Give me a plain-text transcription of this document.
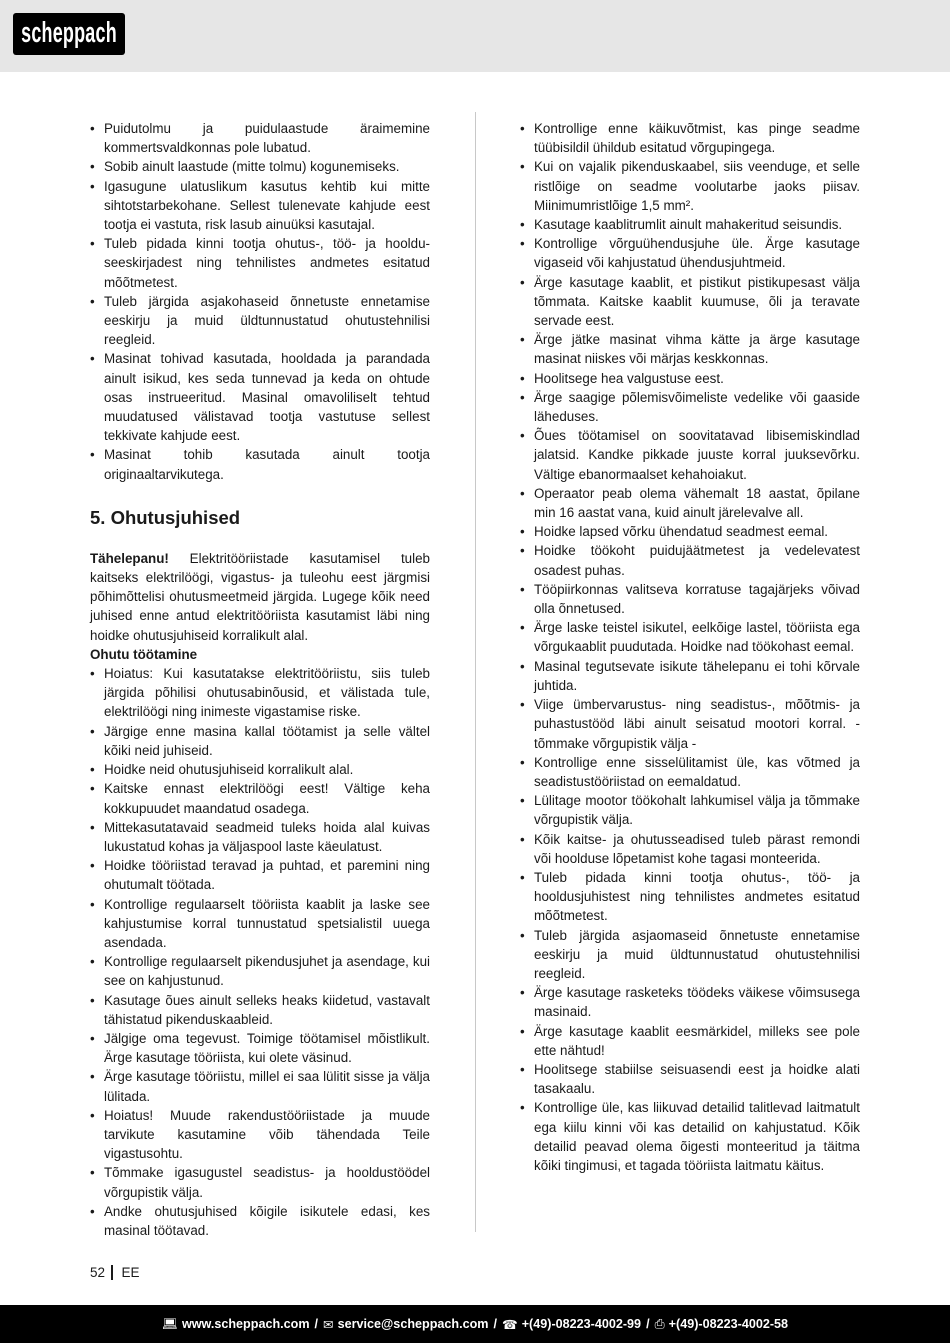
scheppach
• Puidutolmu ja puidulaastude äraimemine kommertsvaldkonnas pole lubatud.
• Sobib ainult laastude (mitte tolmu) kogunemiseks.
• Igasugune ulatuslikum kasutus kehtib kui mitte sihtotstarbekohane. Sellest tulenevate kahjude eest tootja ei vastuta, risk lasub ainuüksi kasutajal.
• Tuleb pidada kinni tootja ohutus-, töö- ja hoolduseeskirjadest ning tehnilistes andmetes esitatud mõõtmetest.
• Tuleb järgida asjakohaseid õnnetuste ennetamise eeskirju ja muid üldtunnustatud ohutustehnilisi reegleid.
• Masinat tohivad kasutada, hooldada ja parandada ainult isikud, kes seda tunnevad ja keda on ohtude osas instrueeritud. Masinal omavoliliselt tehtud muudatused välistavad tootja vastutuse sellest tekkivate kahjude eest.
• Masinat tohib kasutada ainult tootja originaaltarvikutega.
5. Ohutusjuhised

Tähelepanu! Elektritööriistade kasutamisel tuleb kaitseks elektrilöögi, vigastus- ja tuleohu eest järgmisi põhimõttelisi ohutusmeetmeid järgida. Lugege kõik need juhised enne antud elektritööriista kasutamist läbi ning hoidke ohutusjuhiseid korralikult alal.

Ohutu töötamine

• Hoiatus: Kui kasutatakse elektritööriistu, siis tuleb järgida põhilisi ohutusabinõusid, et välistada tule, elektrilöögi ning inimeste vigastamise riske.
• Järgige enne masina kallal töötamist ja selle vältel kõiki neid juhiseid.
• Hoidke neid ohutusjuhiseid korralikult alal.
• Kaitske ennast elektrilöögi eest! Vältige keha kokkupuudet maandatud osadega.
• Mittekasutatavaid seadmeid tuleks hoida alal kuivas lukustatud kohas ja väljaspool laste käeulatust.
• Hoidke tööriistad teravad ja puhtad, et paremini ning ohutumalt töötada.
• Kontrollige regulaarselt tööriista kaablit ja laske see kahjustumise korral tunnustatud spetsialistil uuega asendada.
• Kontrollige regulaarselt pikendusjuhet ja asendage, kui see on kahjustunud.
• Kasutage õues ainult selleks heaks kiidetud, vastavalt tähistatud pikenduskaableid.
• Jälgige oma tegevust. Toimige töötamisel mõistlikult. Ärge kasutage tööriista, kui olete väsinud.
• Ärge kasutage tööriistu, millel ei saa lülitit sisse ja välja lülitada.
• Hoiatus! Muude rakendustööriistade ja muude tarvikute kasutamine võib tähendada Teile vigastusohtu.
• Tõmmake igasugustel seadistus- ja hooldustöödel võrgupistik välja.
• Andke ohutusjuhised kõigile isikutele edasi, kes masinal töötavad.
• Kontrollige enne käikuvõtmist, kas pinge seadme tüübisildil ühildub esitatud võrgupingega.
• Kui on vajalik pikenduskaabel, siis veenduge, et selle ristlõige on seadme voolutarbe jaoks piisav. Miinimumristlõige 1,5 mm².
• Kasutage kaablitrumlit ainult mahakeritud seisundis.
• Kontrollige võrguühendusjuhe üle. Ärge kasutage vigaseid või kahjustatud ühendusjuhtmeid.
• Ärge kasutage kaablit, et pistikut pistikupesast välja tõmmata. Kaitske kaablit kuumuse, õli ja teravate servade eest.
• Ärge jätke masinat vihma kätte ja ärge kasutage masinat niiskes või märjas keskkonnas.
• Hoolitsege hea valgustuse eest.
• Ärge saagige põlemisvõimeliste vedelike või gaaside läheduses.
• Õues töötamisel on soovitatavad libisemiskindlad jalatsid. Kandke pikkade juuste korral juuksevõrku. Vältige ebanormaalset kehahoiakut.
• Operaator peab olema vähemalt 18 aastat, õpilane min 16 aastat vana, kuid ainult järelevalve all.
• Hoidke lapsed võrku ühendatud seadmest eemal.
• Hoidke töökoht puidujäätmetest ja vedelevatest osadest puhas.
• Tööpiirkonnas valitseva korratuse tagajärjeks võivad olla õnnetused.
• Ärge laske teistel isikutel, eelkõige lastel, tööriista ega võrgukaablit puudutada. Hoidke nad töökohast eemal.
• Masinal tegutsevate isikute tähelepanu ei tohi kõrvale juhtida.
• Viige ümbervarustus- ning seadistus-, mõõtmis- ja puhastustööd läbi ainult seisatud mootori korral. - tõmmake võrgupistik välja -
• Kontrollige enne sisselülitamist üle, kas võtmed ja seadistustööriistad on eemaldatud.
• Lülitage mootor töökohalt lahkumisel välja ja tõmmake võrgupistik välja.
• Kõik kaitse- ja ohutusseadised tuleb pärast remondi või hoolduse lõpetamist kohe tagasi monteerida.
• Tuleb pidada kinni tootja ohutus-, töö- ja hooldusjuhistest ning tehnilistes andmetes esitatud mõõtmetest.
• Tuleb järgida asjaomaseid õnnetuste ennetamise eeskirju ja muid üldtunnustatud ohutustehnilisi reegleid.
• Ärge kasutage rasketeks töödeks väikese võimsusega masinaid.
• Ärge kasutage kaablit eesmärkidel, milleks see pole ette nähtud!
• Hoolitsege stabiilse seisuasendi eest ja hoidke alati tasakaalu.
• Kontrollige üle, kas liikuvad detailid talitlevad laitmatult ega kiilu kinni või kas detailid on kahjustatud. Kõik detailid peavad olema õigesti monteeritud ja täitma kõiki tingimusi, et tagada tööriista laitmatu käitus.
52 EE
💻︎ www.scheppach.com / ✉︎ service@scheppach.com / ☎︎ +(49)-08223-4002-99 / ⎙ +(49)-08223-4002-58
